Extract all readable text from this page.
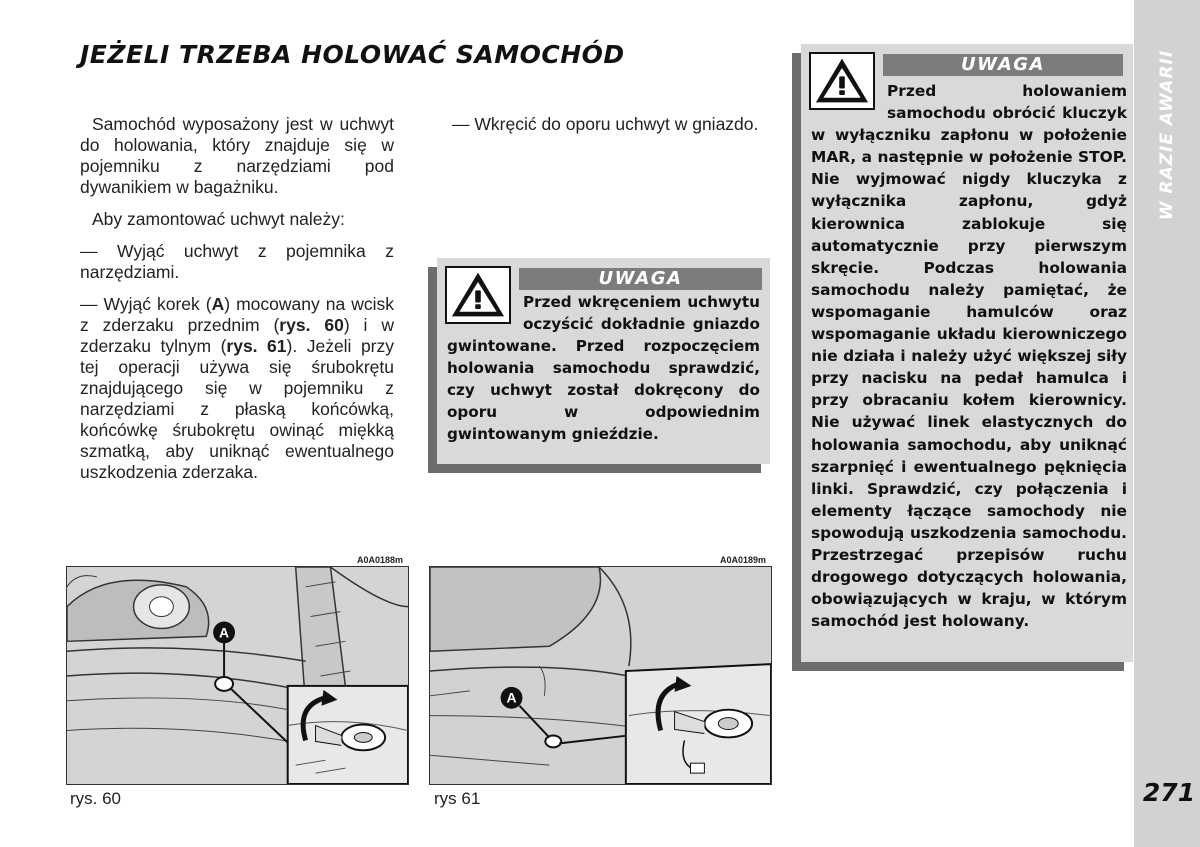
JEŻELI TRZEBA HOLOWAĆ SAMOCHÓD

Samochód wyposażony jest w uchwyt do holowania, który znajduje się w pojemniku z narzędziami pod dywanikiem w bagażniku.

Aby zamontować uchwyt należy:

— Wyjąć uchwyt z pojemnika z narzędziami.

— Wyjąć korek (A) mocowany na wcisk z zderzaku przednim (rys. 60) i w zderzaku tylnym (rys. 61). Jeżeli przy tej operacji używa się śrubokrętu znajdującego się w pojemniku z narzędziami z płaską końcówką, końcówkę śrubokrętu owinąć miękką szmatką, aby uniknąć ewentualnego uszkodzenia zderzaka.

— Wkręcić do oporu uchwyt w gniazdo.

UWAGA
Przed wkręceniem uchwytu oczyścić dokładnie gniazdo gwintowane. Przed rozpoczęciem holowania samochodu sprawdzić, czy uchwyt został dokręcony do oporu w odpowiednim gwintowanym gnieździe.
UWAGA
Przed holowaniem samochodu obrócić kluczyk w wyłączniku zapłonu w położenie MAR, a następnie w położenie STOP. Nie wyjmować nigdy kluczyka z wyłącznika zapłonu, gdyż kierownica zablokuje się automatycznie przy pierwszym skręcie. Podczas holowania samochodu należy pamiętać, że wspomaganie hamulców oraz wspomaganie układu kierowniczego nie działa i należy użyć większej siły przy nacisku na pedał hamulca i przy obracaniu kołem kierownicy. Nie używać linek elastycznych do holowania samochodu, aby uniknąć szarpnięć i ewentualnego pęknięcia linki. Sprawdzić, czy połączenia i elementy łączące samochody nie spowodują uszkodzenia samochodu. Przestrzegać przepisów ruchu drogowego dotyczących holowania, obowiązujących w kraju, w którym samochód jest holowany.
W RAZIE AWARII
271
A0A0188m
A
rys. 60
A0A0189m
A
rys 61
